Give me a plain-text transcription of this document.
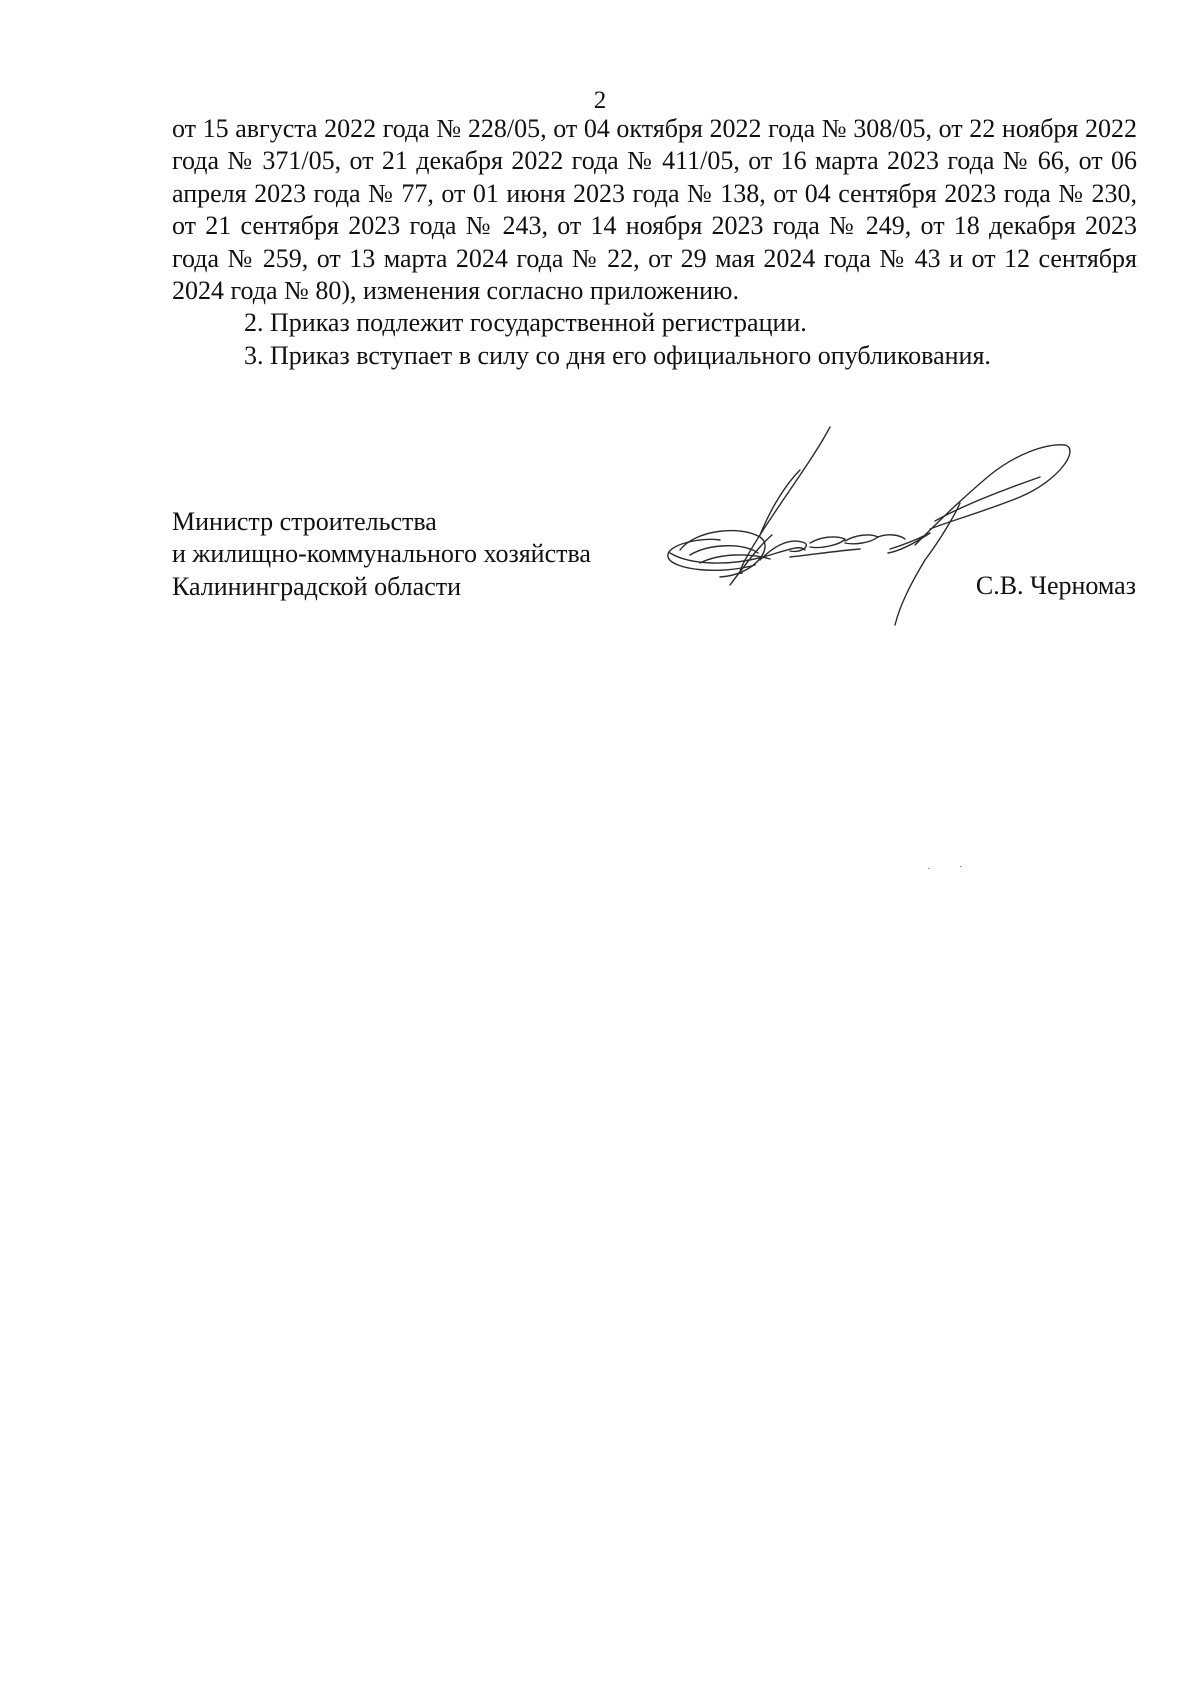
2

от 15 августа 2022 года № 228/05, от 04 октября 2022 года № 308/05, от 22 ноября 2022 года № 371/05, от 21 декабря 2022 года № 411/05, от 16 марта 2023 года № 66, от 06 апреля 2023 года № 77, от 01 июня 2023 года № 138, от 04 сентября 2023 года № 230, от 21 сентября 2023 года № 243, от 14 ноября 2023 года № 249, от 18 декабря 2023 года № 259, от 13 марта 2024 года № 22, от 29 мая 2024 года № 43 и от 12 сентября 2024 года № 80), изменения согласно приложению.

2. Приказ подлежит государственной регистрации.

3. Приказ вступает в силу со дня его официального опубликования.

Министр строительства
и жилищно-коммунального хозяйства
Калининградской области	С.В. Черномаз
